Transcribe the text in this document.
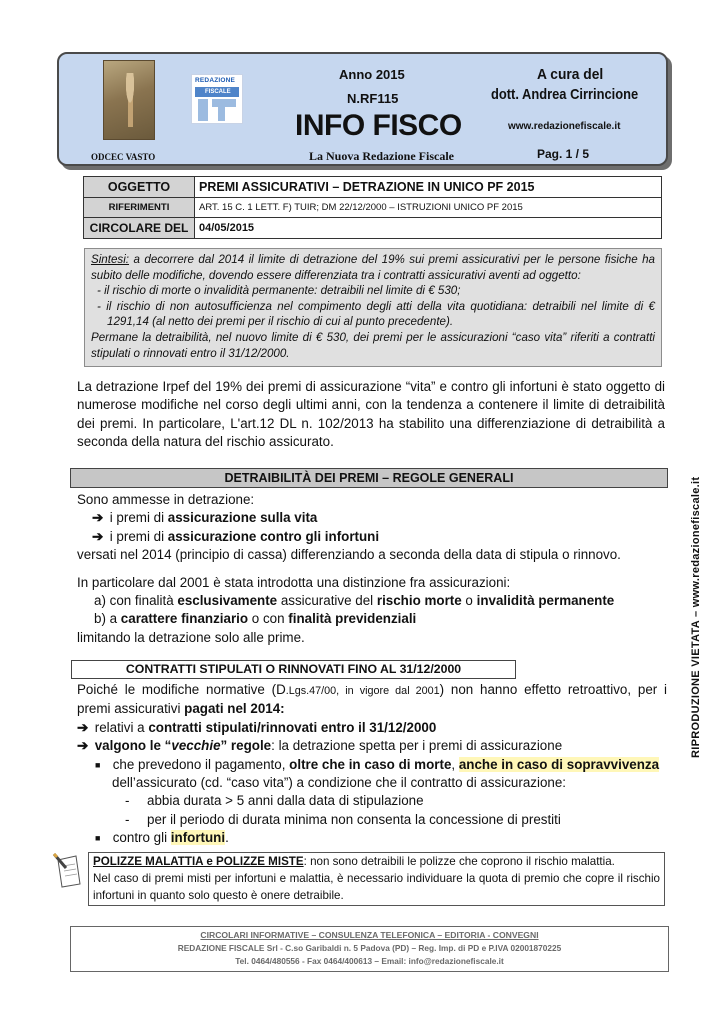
ODCEC VASTO
REDAZIONE
FISCALE
Anno 2015
N.RF115
INFO FISCO
La Nuova Redazione Fiscale
A cura del
dott. Andrea Cirrincione
www.redazionefiscale.it
Pag. 1 / 5
OGGETTO	PREMI ASSICURATIVI – DETRAZIONE IN UNICO PF 2015
RIFERIMENTI	ART. 15 C. 1 LETT. F) TUIR; DM 22/12/2000 – ISTRUZIONI UNICO PF 2015
CIRCOLARE DEL	04/05/2015
Sintesi: a decorrere dal 2014 il limite di detrazione del 19% sui premi assicurativi per le persone fisiche ha subito delle modifiche, dovendo essere differenziata tra i contratti assicurativi aventi ad oggetto:
- il rischio di morte o invalidità permanente: detraibili nel limite di € 530;
- il rischio di non autosufficienza nel compimento degli atti della vita quotidiana: detraibili nel limite di € 1291,14 (al netto dei premi per il rischio di cui al punto precedente).
Permane la detraibilità, nel nuovo limite di € 530, dei premi per le assicurazioni “caso vita” riferiti a contratti stipulati o rinnovati entro il 31/12/2000.
La detrazione Irpef del 19% dei premi di assicurazione “vita” e contro gli infortuni è stato oggetto di numerose modifiche nel corso degli ultimi anni, con la tendenza a contenere il limite di detraibilità dei premi. In particolare, L'art.12 DL n. 102/2013 ha stabilito una differenziazione di detraibilità a seconda della natura del rischio assicurato.
DETRAIBILITÀ DEI PREMI – REGOLE GENERALI
Sono ammesse in detrazione:
➔ i premi di assicurazione sulla vita
➔ i premi di assicurazione contro gli infortuni
versati nel 2014 (principio di cassa) differenziando a seconda della data di stipula o rinnovo.
In particolare dal 2001 è stata introdotta una distinzione fra assicurazioni:
a) con finalità esclusivamente assicurative del rischio morte o invalidità permanente
b) a carattere finanziario o con finalità previdenziali
limitando la detrazione solo alle prime.
CONTRATTI STIPULATI O RINNOVATI FINO AL 31/12/2000
Poiché le modifiche normative (D.Lgs.47/00, in vigore dal 2001) non hanno effetto retroattivo, per i
premi assicurativi pagati nel 2014:
➔ relativi a contratti stipulati/rinnovati entro il 31/12/2000
➔ valgono le “vecchie” regole: la detrazione spetta per i premi di assicurazione
■ che prevedono il pagamento, oltre che in caso di morte, anche in caso di sopravvivenza
dell’assicurato (cd. “caso vita”) a condizione che il contratto di assicurazione:
- abbia durata > 5 anni dalla data di stipulazione
- per il periodo di durata minima non consenta la concessione di prestiti
■ contro gli infortuni.
POLIZZE MALATTIA e POLIZZE MISTE: non sono detraibili le polizze che coprono il rischio malattia.
Nel caso di premi misti per infortuni e malattia, è necessario individuare la quota di premio che copre il rischio infortuni in quanto solo questo è onere detraibile.
CIRCOLARI INFORMATIVE – CONSULENZA TELEFONICA – EDITORIA - CONVEGNI
REDAZIONE FISCALE Srl - C.so Garibaldi n. 5 Padova (PD) – Reg. Imp. di PD e P.IVA 02001870225
Tel. 0464/480556 - Fax 0464/400613 – Email: info@redazionefiscale.it
RIPRODUZIONE VIETATA – www.redazionefiscale.it
